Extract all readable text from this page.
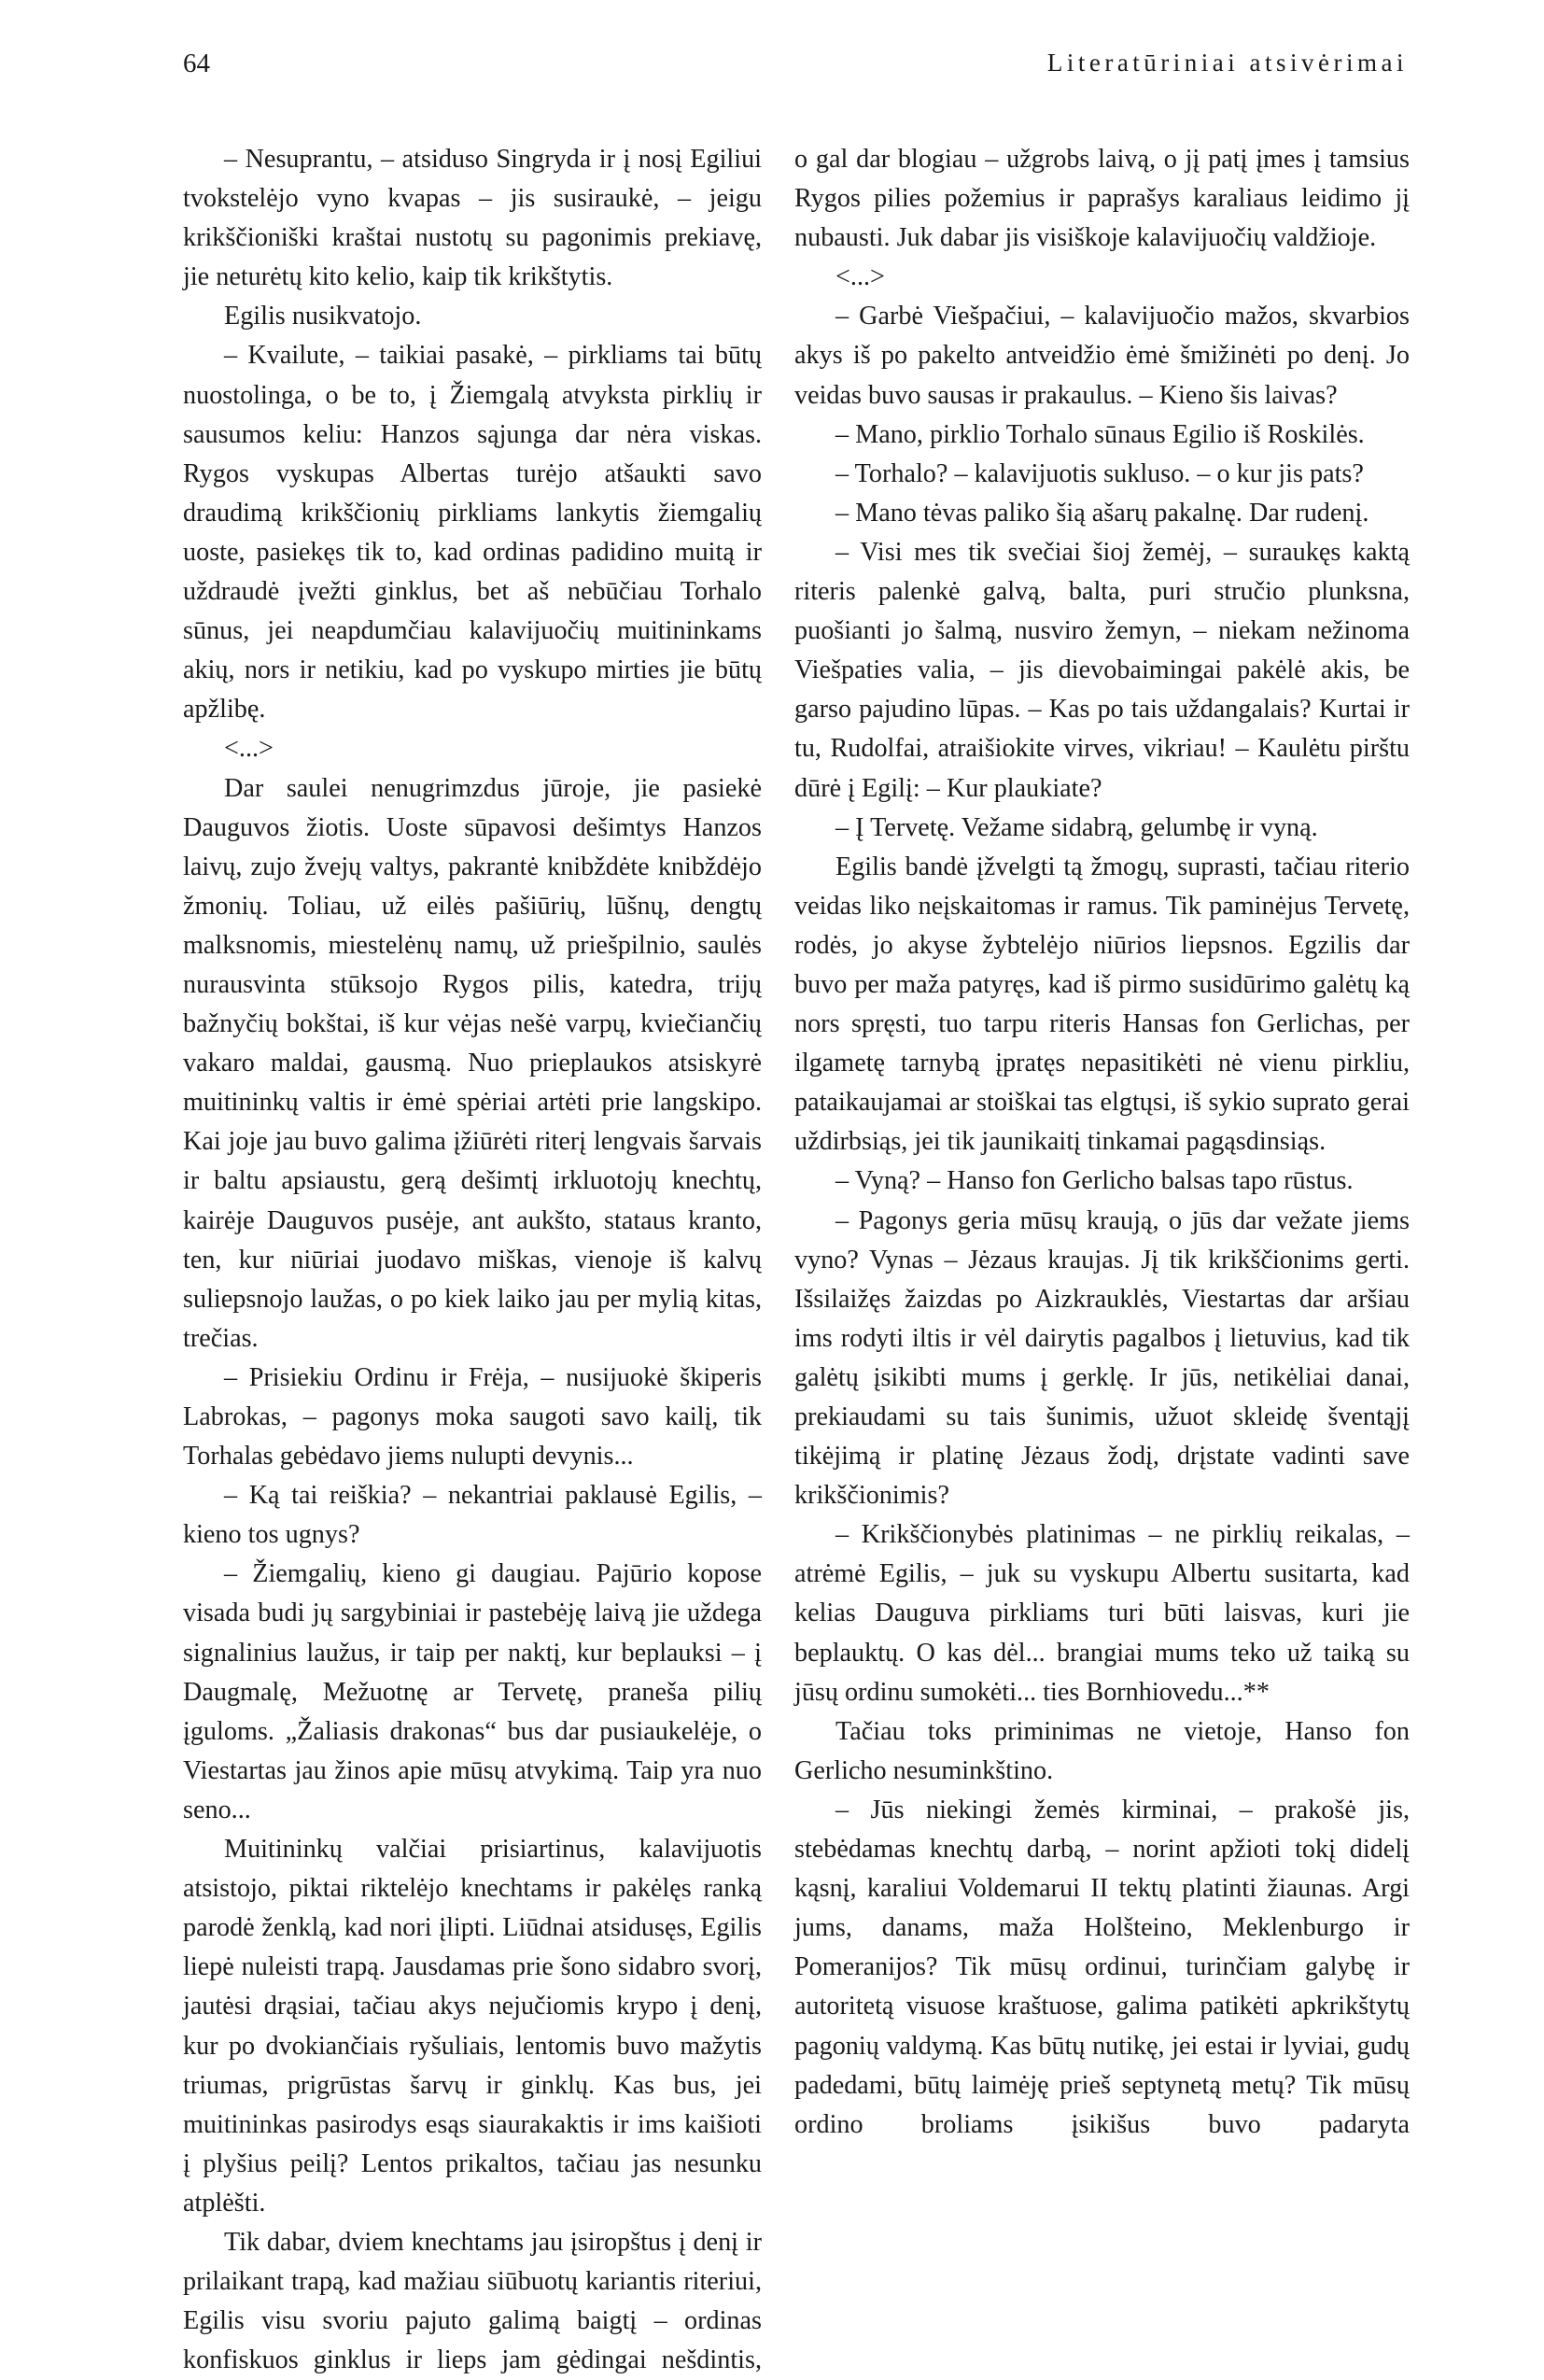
64	Literatūriniai atsivėrimai

– Nesuprantu, – atsiduso Singryda ir į nosį Egiliui tvokstelėjo vyno kvapas – jis susiraukė, – jeigu krikščioniški kraštai nustotų su pagonimis prekiavę, jie neturėtų kito kelio, kaip tik krikštytis.

Egilis nusikvatojo.

– Kvailute, – taikiai pasakė, – pirkliams tai būtų nuostolinga, o be to, į Žiemgalą atvyksta pirklių ir sausumos keliu: Hanzos sąjunga dar nėra viskas. Rygos vyskupas Albertas turėjo atšaukti savo draudimą krikščionių pirkliams lankytis žiemgalių uoste, pasiekęs tik to, kad ordinas padidino muitą ir uždraudė įvežti ginklus, bet aš nebūčiau Torhalo sūnus, jei neapdumčiau kalavijuočių muitininkams akių, nors ir netikiu, kad po vyskupo mirties jie būtų apžlibę.

<...>

Dar saulei nenugrimzdus jūroje, jie pasiekė Dauguvos žiotis. Uoste sūpavosi dešimtys Hanzos laivų, zujo žvejų valtys, pakrantė knibždėte knibždėjo žmonių. Toliau, už eilės pašiūrių, lūšnų, dengtų malksnomis, miestelėnų namų, už priešpilnio, saulės nurausvinta stūksojo Rygos pilis, katedra, trijų bažnyčių bokštai, iš kur vėjas nešė varpų, kviečiančių vakaro maldai, gausmą. Nuo prieplaukos atsiskyrė muitininkų valtis ir ėmė spėriai artėti prie langskipo. Kai joje jau buvo galima įžiūrėti riterį lengvais šarvais ir baltu apsiaustu, gerą dešimtį irkluotojų knechtų, kairėje Dauguvos pusėje, ant aukšto, stataus kranto, ten, kur niūriai juodavo miškas, vienoje iš kalvų suliepsnojo laužas, o po kiek laiko jau per mylią kitas, trečias.

– Prisiekiu Ordinu ir Frėja, – nusijuokė škiperis Labrokas, – pagonys moka saugoti savo kailį, tik Torhalas gebėdavo jiems nulupti devynis...

– Ką tai reiškia? – nekantriai paklausė Egilis, – kieno tos ugnys?

– Žiemgalių, kieno gi daugiau. Pajūrio kopose visada budi jų sargybiniai ir pastebėję laivą jie uždega signalinius laužus, ir taip per naktį, kur beplauksi – į Daugmalę, Mežuotnę ar Tervetę, praneša pilių įguloms. „Žaliasis drakonas“ bus dar pusiaukelėje, o Viestartas jau žinos apie mūsų atvykimą. Taip yra nuo seno...

Muitininkų valčiai prisiartinus, kalavijuotis atsistojo, piktai riktelėjo knechtams ir pakėlęs ranką parodė ženklą, kad nori įlipti. Liūdnai atsidusęs, Egilis liepė nuleisti trapą. Jausdamas prie šono sidabro svorį, jautėsi drąsiai, tačiau akys nejučiomis krypo į denį, kur po dvokiančiais ryšuliais, lentomis buvo mažytis triumas, prigrūstas šarvų ir ginklų. Kas bus, jei muitininkas pasirodys esąs siaurakaktis ir ims kaišioti į plyšius peilį? Lentos prikaltos, tačiau jas nesunku atplėšti.

Tik dabar, dviem knechtams jau įsiropštus į denį ir prilaikant trapą, kad mažiau siūbuotų kariantis riteriui, Egilis visu svoriu pajuto galimą baigtį – ordinas konfiskuos ginklus ir lieps jam gėdingai nešdintis,

o gal dar blogiau – užgrobs laivą, o jį patį įmes į tamsius Rygos pilies požemius ir paprašys karaliaus leidimo jį nubausti. Juk dabar jis visiškoje kalavijuočių valdžioje.

<...>

– Garbė Viešpačiui, – kalavijuočio mažos, skvarbios akys iš po pakelto antveidžio ėmė šmižinėti po denį. Jo veidas buvo sausas ir prakaulus. – Kieno šis laivas?

– Mano, pirklio Torhalo sūnaus Egilio iš Roskilės.

– Torhalo? – kalavijuotis sukluso. – o kur jis pats?

– Mano tėvas paliko šią ašarų pakalnę. Dar rudenį.

– Visi mes tik svečiai šioj žemėj, – suraukęs kaktą riteris palenkė galvą, balta, puri stručio plunksna, puošianti jo šalmą, nusviro žemyn, – niekam nežinoma Viešpaties valia, – jis dievobaimingai pakėlė akis, be garso pajudino lūpas. – Kas po tais uždangalais? Kurtai ir tu, Rudolfai, atraišiokite virves, vikriau! – Kaulėtu pirštu dūrė į Egilį: – Kur plaukiate?

– Į Tervetę. Vežame sidabrą, gelumbę ir vyną.

Egilis bandė įžvelgti tą žmogų, suprasti, tačiau riterio veidas liko neįskaitomas ir ramus. Tik paminėjus Tervetę, rodės, jo akyse žybtelėjo niūrios liepsnos. Egzilis dar buvo per maža patyręs, kad iš pirmo susidūrimo galėtų ką nors spręsti, tuo tarpu riteris Hansas fon Gerlichas, per ilgametę tarnybą įpratęs nepasitikėti nė vienu pirkliu, pataikaujamai ar stoiškai tas elgtųsi, iš sykio suprato gerai uždirbsiąs, jei tik jaunikaitį tinkamai pagąsdinsiąs.

– Vyną? – Hanso fon Gerlicho balsas tapo rūstus.

– Pagonys geria mūsų kraują, o jūs dar vežate jiems vyno? Vynas – Jėzaus kraujas. Jį tik krikščionims gerti. Išsilaižęs žaizdas po Aizkrauklės, Viestartas dar aršiau ims rodyti iltis ir vėl dairytis pagalbos į lietuvius, kad tik galėtų įsikibti mums į gerklę. Ir jūs, netikėliai danai, prekiaudami su tais šunimis, užuot skleidę šventąjį tikėjimą ir platinę Jėzaus žodį, drįstate vadinti save krikščionimis?

– Krikščionybės platinimas – ne pirklių reikalas, – atrėmė Egilis, – juk su vyskupu Albertu susitarta, kad kelias Dauguva pirkliams turi būti laisvas, kuri jie beplauktų. O kas dėl... brangiai mums teko už taiką su jūsų ordinu sumokėti... ties Bornhiovedu...**

Tačiau toks priminimas ne vietoje, Hanso fon Gerlicho nesuminkštino.

– Jūs niekingi žemės kirminai, – prakošė jis, stebėdamas knechtų darbą, – norint apžioti tokį didelį kąsnį, karaliui Voldemarui II tektų platinti žiaunas. Argi jums, danams, maža Holšteino, Meklenburgo ir Pomeranijos? Tik mūsų ordinui, turinčiam galybę ir autoritetą visuose kraštuose, galima patikėti apkrikštytų pagonių valdymą. Kas būtų nutikę, jei estai ir lyviai, gudų padedami, būtų laimėję prieš septynetą metų? Tik mūsų ordino broliams įsikišus buvo padaryta
